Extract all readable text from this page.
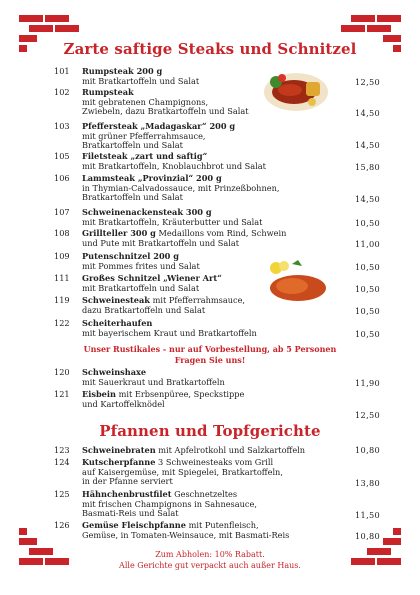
Zarte saftige Steaks und Schnitzel
101	Rumpsteak 200 g
mit Bratkartoffeln und Salat	12,50
102	Rumpsteak
mit gebratenen Champignons,
Zwiebeln, dazu Bratkartoffeln und Salat	14,50
103	Pfeffersteak „Madagaskar“ 200 g
mit grüner Pfefferrahmsauce,
Bratkartoffeln und Salat	14,50
105	Filetsteak „zart und saftig“
mit Bratkartoffeln, Knoblauchbrot und Salat	15,80
106	Lammsteak „Provinzial“ 200 g
in Thymian-Calvadossauce, mit Prinzeßbohnen,
Bratkartoffeln und Salat	14,50
107	Schweinenackensteak 300 g
mit Bratkartoffeln, Kräuterbutter und Salat	10,50
108	Grillteller 300 g Medaillons vom Rind, Schwein
und Pute mit Bratkartoffeln und Salat	11,00
109	Putenschnitzel 200 g
mit Pommes frites und Salat	10,50
111	Großes Schnitzel „Wiener Art“
mit Bratkartoffeln und Salat	10,50
119	Schweinesteak mit Pfefferrahmsauce,
dazu Bratkartoffeln und Salat	10,50
122	Scheiterhaufen
mit bayerischem Kraut und Bratkartoffeln	10,50
Unser Rustikales - nur auf Vorbestellung, ab 5 Personen
Fragen Sie uns!
120	Schweinshaxe
mit Sauerkraut und Bratkartoffeln	11,90
121	Eisbein mit Erbsenpüree, Speckstippe
und Kartoffelknödel
12,50
Pfannen und Topfgerichte
123	Schweinebraten mit Apfelrotkohl und Salzkartoffeln	10,80
124	Kutscherpfanne 3 Schweinesteaks vom Grill
auf Kaisergemüse, mit Spiegelei, Bratkartoffeln,
in der Pfanne serviert	13,80
125	Hähnchenbrustfilet Geschnetzeltes
mit frischen Champignons in Sahnesauce,
Basmati-Reis und Salat	11,50
126	Gemüse Fleischpfanne mit Putenfleisch,
Gemüse, in Tomaten-Weinsauce, mit Basmati-Reis	10,80
Zum Abholen: 10% Rabatt.
Alle Gerichte gut verpackt auch außer Haus.
